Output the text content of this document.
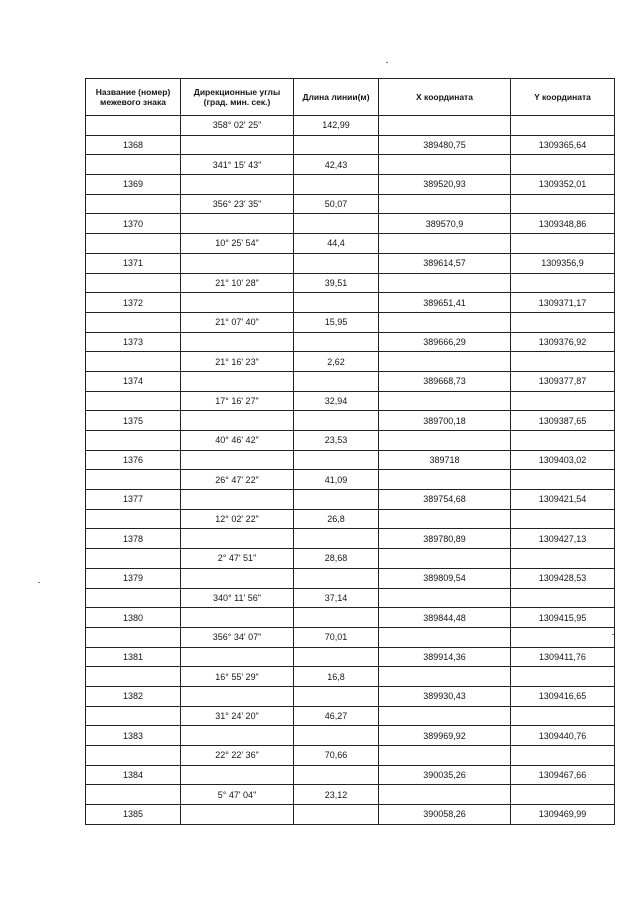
Название (номер) межевого знака	Дирекционные углы (град. мин. сек.)	Длина линии(м)	X координата	Y координата
	358° 02' 25"	142,99		
1368			389480,75	1309365,64
	341° 15' 43"	42,43		
1369			389520,93	1309352,01
	356° 23' 35"	50,07		
1370			389570,9	1309348,86
	10° 25' 54"	44,4		
1371			389614,57	1309356,9
	21° 10' 28"	39,51		
1372			389651,41	1309371,17
	21° 07' 40"	15,95		
1373			389666,29	1309376,92
	21° 16' 23"	2,62		
1374			389668,73	1309377,87
	17° 16' 27"	32,94		
1375			389700,18	1309387,65
	40° 46' 42"	23,53		
1376			389718	1309403,02
	26° 47' 22"	41,09		
1377			389754,68	1309421,54
	12° 02' 22"	26,8		
1378			389780,89	1309427,13
	2° 47' 51"	28,68		
1379			389809,54	1309428,53
	340° 11' 56"	37,14		
1380			389844,48	1309415,95
	356° 34' 07"	70,01		
1381			389914,36	1309411,76
	16° 55' 29"	16,8		
1382			389930,43	1309416,65
	31° 24' 20"	46,27		
1383			389969,92	1309440,76
	22° 22' 36"	70,66		
1384			390035,26	1309467,66
	5° 47' 04"	23,12		
1385			390058,26	1309469,99
